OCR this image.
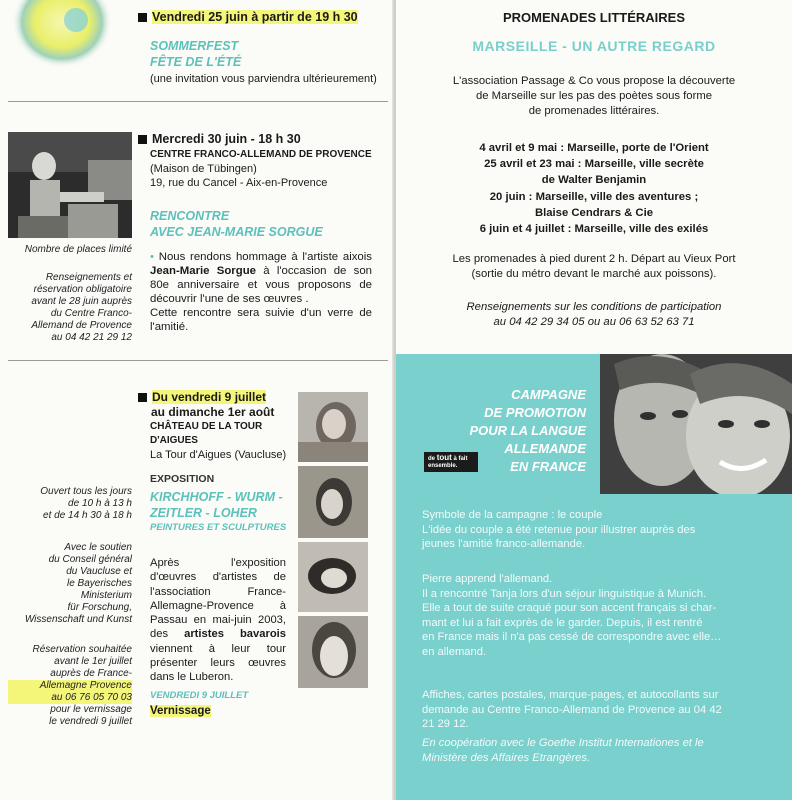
Vendredi 25 juin à partir de 19 h 30
SOMMERFEST
FÊTE DE L'ÉTÉ
(une invitation vous parviendra ultérieurement)
Mercredi 30 juin - 18 h 30
CENTRE FRANCO-ALLEMAND DE PROVENCE
(Maison de Tübingen)
19, rue du Cancel - Aix-en-Provence
RENCONTRE
AVEC JEAN-MARIE SORGUE
• Nous rendons hommage à l'artiste aixois Jean-Marie Sorgue à l'occasion de son 80e anniversaire et vous proposons de découvrir l'une de ses œuvres .
Cette rencontre sera suivie d'un verre de l'amitié.
Nombre de places limité
Renseignements et
réservation obligatoire
avant le 28 juin auprès
du Centre Franco-
Allemand de Provence
au 04 42 21 29 12
Du vendredi 9 juillet
au dimanche 1er août
CHÂTEAU DE LA TOUR
D'AIGUES
La Tour d'Aigues (Vaucluse)
EXPOSITION
KIRCHHOFF - WURM -
ZEITLER - LOHER
PEINTURES ET SCULPTURES
Après l'exposition d'œuvres d'artistes de l'association France-Allemagne-Provence à Passau en mai-juin 2003, des artistes bavarois viennent à leur tour présenter leurs œuvres dans le Luberon.
VENDREDI 9 JUILLET
Vernissage
Ouvert tous les jours
de 10 h à 13 h
et de 14 h 30 à 18 h
Avec le soutien
du Conseil général
du Vaucluse et
le Bayerisches
Ministerium
für Forschung,
Wissenschaft und Kunst
Réservation souhaitée
avant le 1er juillet
auprès de France-
Allemagne Provence
au 06 76 05 70 03
pour le vernissage
le vendredi 9 juillet
PROMENADES LITTÉRAIRES
MARSEILLE - UN AUTRE REGARD
L'association Passage & Co vous propose la découverte
de Marseille sur les pas des poètes sous forme
de promenades littéraires.
4 avril et 9 mai : Marseille, porte de l'Orient
25 avril et 23 mai : Marseille, ville secrète
de Walter Benjamin
20 juin : Marseille, ville des aventures ;
Blaise Cendrars & Cie
6 juin et 4 juillet : Marseille, ville des exilés
Les promenades à pied durent 2 h. Départ au Vieux Port
(sortie du métro devant le marché aux poissons).
Renseignements sur les conditions de participation
au 04 42 29 34 05 ou au 06 63 52 63 71
CAMPAGNE
DE PROMOTION
POUR LA LANGUE
ALLEMANDE
EN FRANCE
de tout à fait
ensemble.
Symbole de la campagne : le couple
L'idée du couple a été retenue pour illustrer auprès des
jeunes l'amitié franco-allemande.
Pierre apprend l'allemand.
Il a rencontré Tanja lors d'un séjour linguistique à Munich.
Elle a tout de suite craqué pour son accent français si char-
mant et lui a fait exprès de le garder. Depuis, il est rentré
en France mais il n'a pas cessé de correspondre avec elle…
en allemand.
Affiches, cartes postales, marque-pages, et autocollants sur
demande au Centre Franco-Allemand de Provence au 04 42
21 29 12.
En coopération avec le Goethe Institut Internationes et le
Ministère des Affaires Etrangères.
